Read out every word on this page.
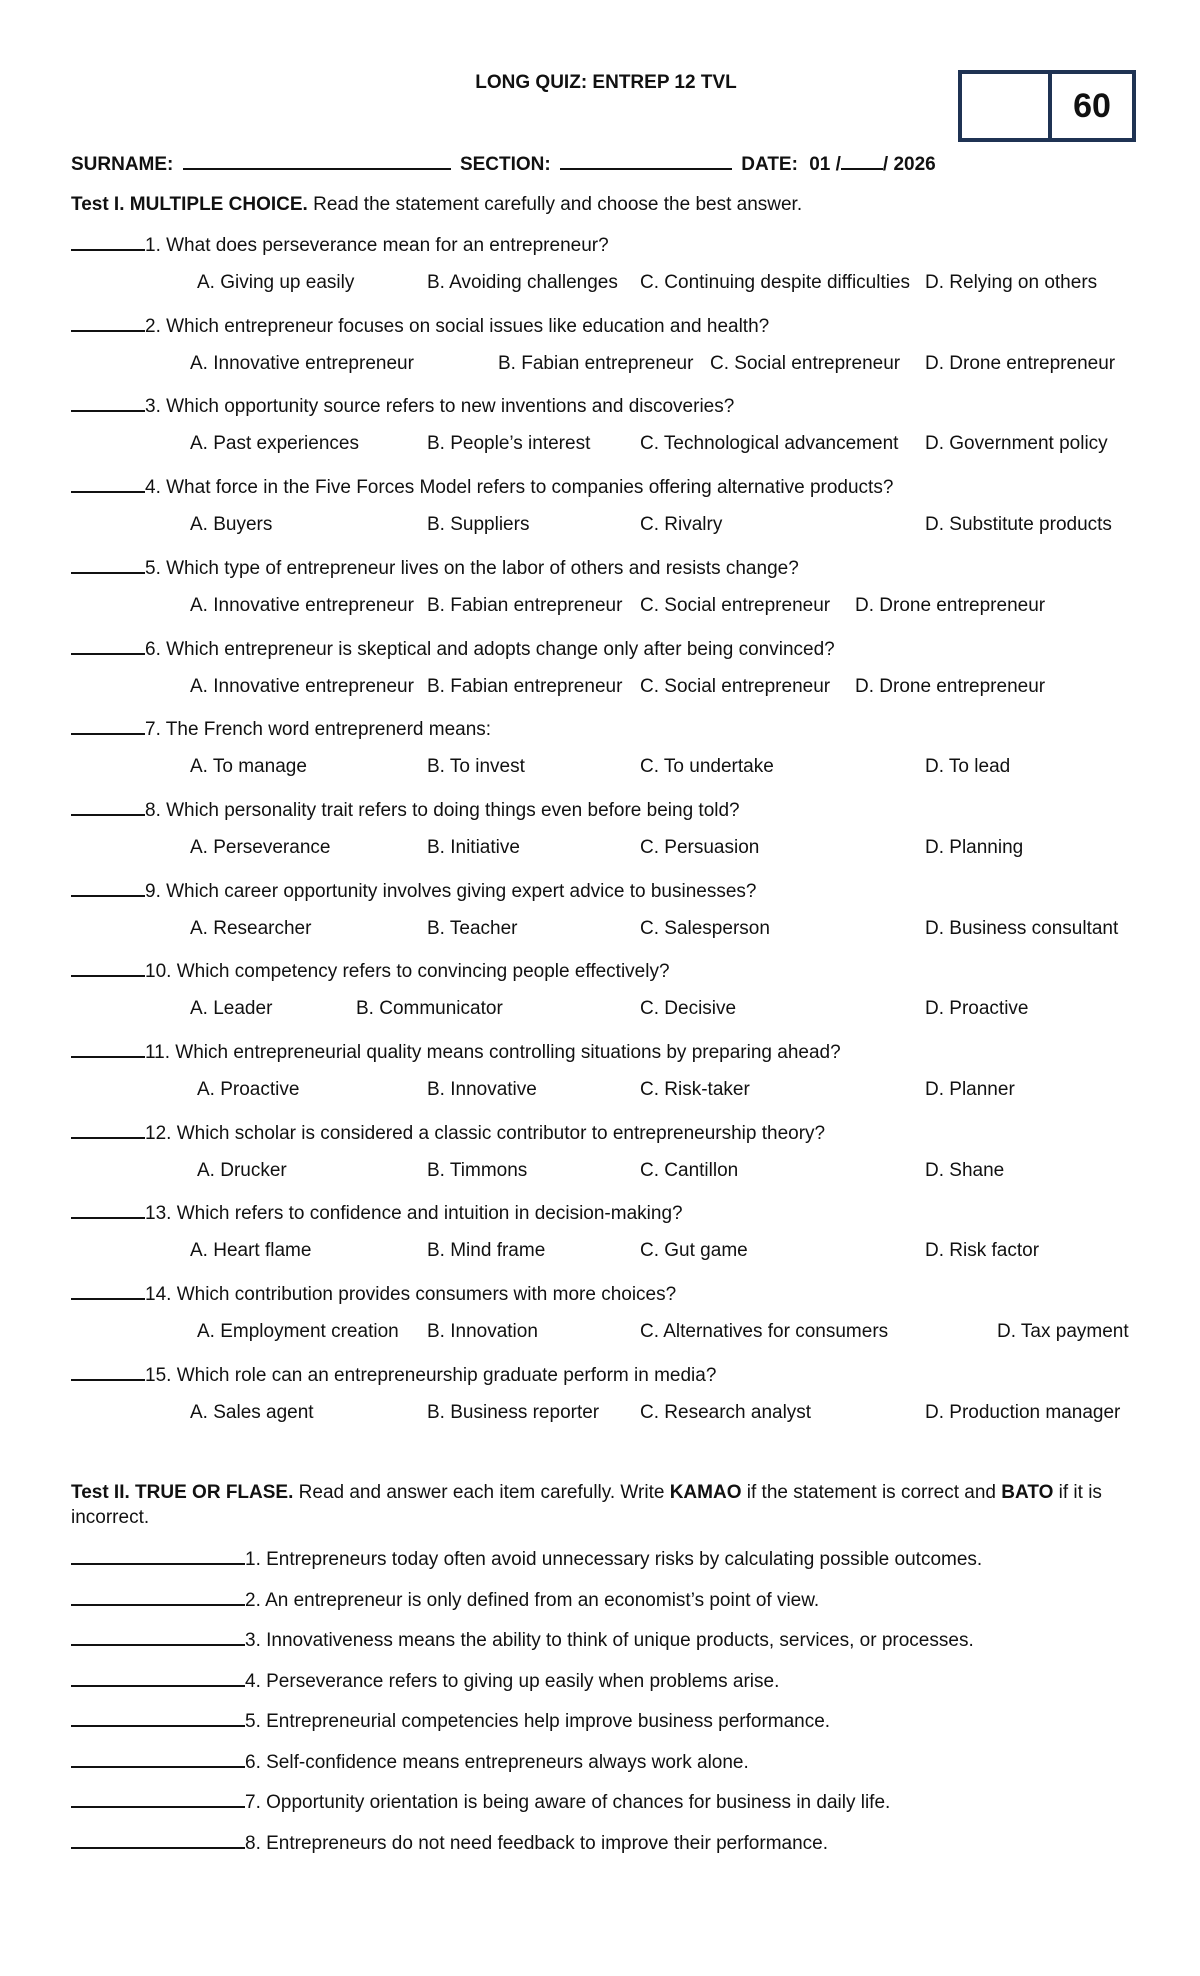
LONG QUIZ: ENTREP 12 TVL
60
SURNAME:	SECTION:	DATE: 01 / / 2026
Test I. MULTIPLE CHOICE. Read the statement carefully and choose the best answer.
1. What does perseverance mean for an entrepreneur?
A. Giving up easily	B. Avoiding challenges C. Continuing despite difficulties D. Relying on others
2. Which entrepreneur focuses on social issues like education and health?
A. Innovative entrepreneur	B. Fabian entrepreneur C. Social entrepreneur D. Drone entrepreneur
3. Which opportunity source refers to new inventions and discoveries?
A. Past experiences	B. People’s interest	C. Technological advancement D. Government policy
4. What force in the Five Forces Model refers to companies offering alternative products?
A. Buyers	B. Suppliers	C. Rivalry	D. Substitute products
5. Which type of entrepreneur lives on the labor of others and resists change?
A. Innovative entrepreneur B. Fabian entrepreneur C. Social entrepreneur D. Drone entrepreneur
6. Which entrepreneur is skeptical and adopts change only after being convinced?
A. Innovative entrepreneur B. Fabian entrepreneur C. Social entrepreneur D. Drone entrepreneur
7. The French word entreprenerd means:
A. To manage	B. To invest	C. To undertake	D. To lead
8. Which personality trait refers to doing things even before being told?
A. Perseverance	B. Initiative	C. Persuasion	D. Planning
9. Which career opportunity involves giving expert advice to businesses?
A. Researcher	B. Teacher	C. Salesperson	D. Business consultant
10. Which competency refers to convincing people effectively?
A. Leader	B. Communicator	C. Decisive	D. Proactive
11. Which entrepreneurial quality means controlling situations by preparing ahead?
A. Proactive	B. Innovative	C. Risk-taker	D. Planner
12. Which scholar is considered a classic contributor to entrepreneurship theory?
A. Drucker	B. Timmons	C. Cantillon	D. Shane
13. Which refers to confidence and intuition in decision-making?
A. Heart flame	B. Mind frame	C. Gut game	D. Risk factor
14. Which contribution provides consumers with more choices?
A. Employment creation B. Innovation	C. Alternatives for consumers	D. Tax payment
15. Which role can an entrepreneurship graduate perform in media?
A. Sales agent	B. Business reporter C. Research analyst	D. Production manager
Test II. TRUE OR FLASE. Read and answer each item carefully. Write KAMAO if the statement is correct and BATO if it is incorrect.
1. Entrepreneurs today often avoid unnecessary risks by calculating possible outcomes.
2. An entrepreneur is only defined from an economist’s point of view.
3. Innovativeness means the ability to think of unique products, services, or processes.
4. Perseverance refers to giving up easily when problems arise.
5. Entrepreneurial competencies help improve business performance.
6. Self-confidence means entrepreneurs always work alone.
7. Opportunity orientation is being aware of chances for business in daily life.
8. Entrepreneurs do not need feedback to improve their performance.
